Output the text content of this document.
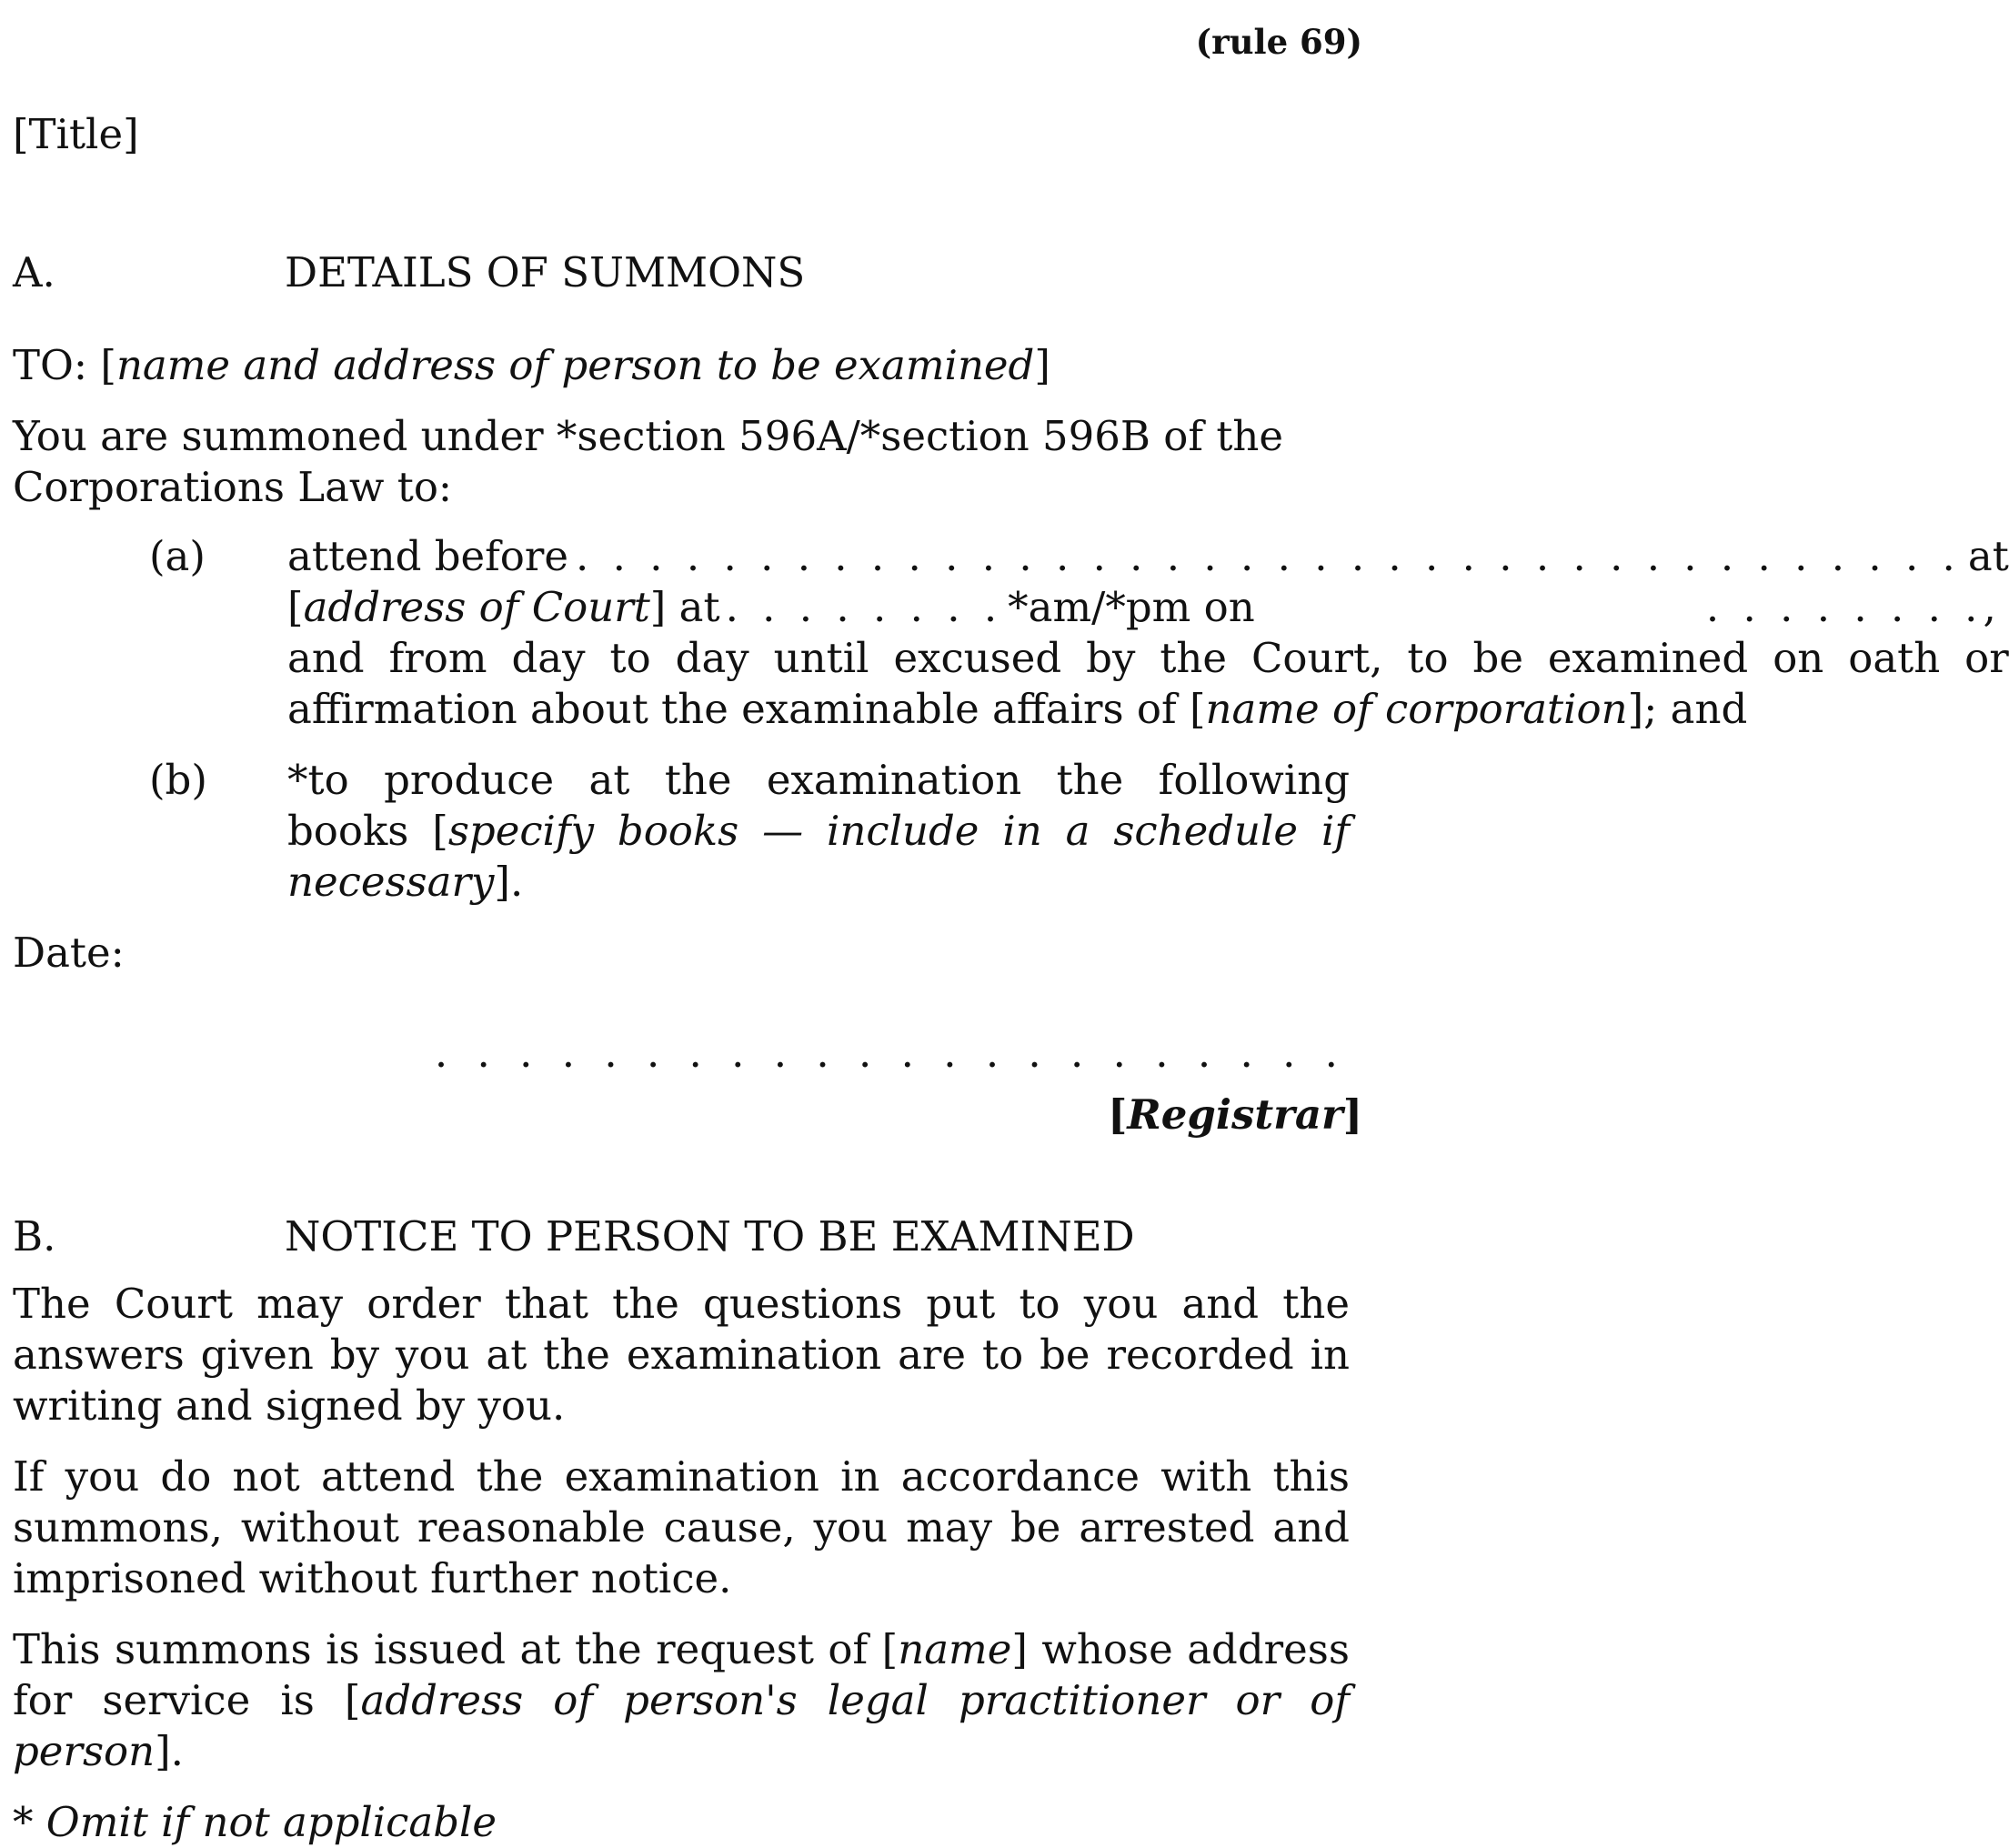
(rule 69)

[Title]

A.	DETAILS OF SUMMONS

TO: [name and address of person to be examined]

You are summoned under *section 596A/*section 596B of the Corporations Law to:

(a)	attend before . . . . . . . . . . . . . . . . . . . . . . . . . . . . . . . . . . . . . . at
[ address of Court ] at . . . . . . . . *am/*pm on	. . . . . . . .,
and from day to day until excused by the Court, to be examined on oath or affirmation about the examinable affairs of [name of corporation]; and
(b)	*to produce at the examination the following books [specify books — include in a schedule if necessary].

Date:

. . . . . . . . . . . . . . . . . . . . . .

[Registrar]

B.	NOTICE TO PERSON TO BE EXAMINED

The Court may order that the questions put to you and the answers given by you at the examination are to be recorded in writing and signed by you.

If you do not attend the examination in accordance with this summons, without reasonable cause, you may be arrested and imprisoned without further notice.

This summons is issued at the request of [name] whose address for service is [address of person's legal practitioner or of person].

* Omit if not applicable
